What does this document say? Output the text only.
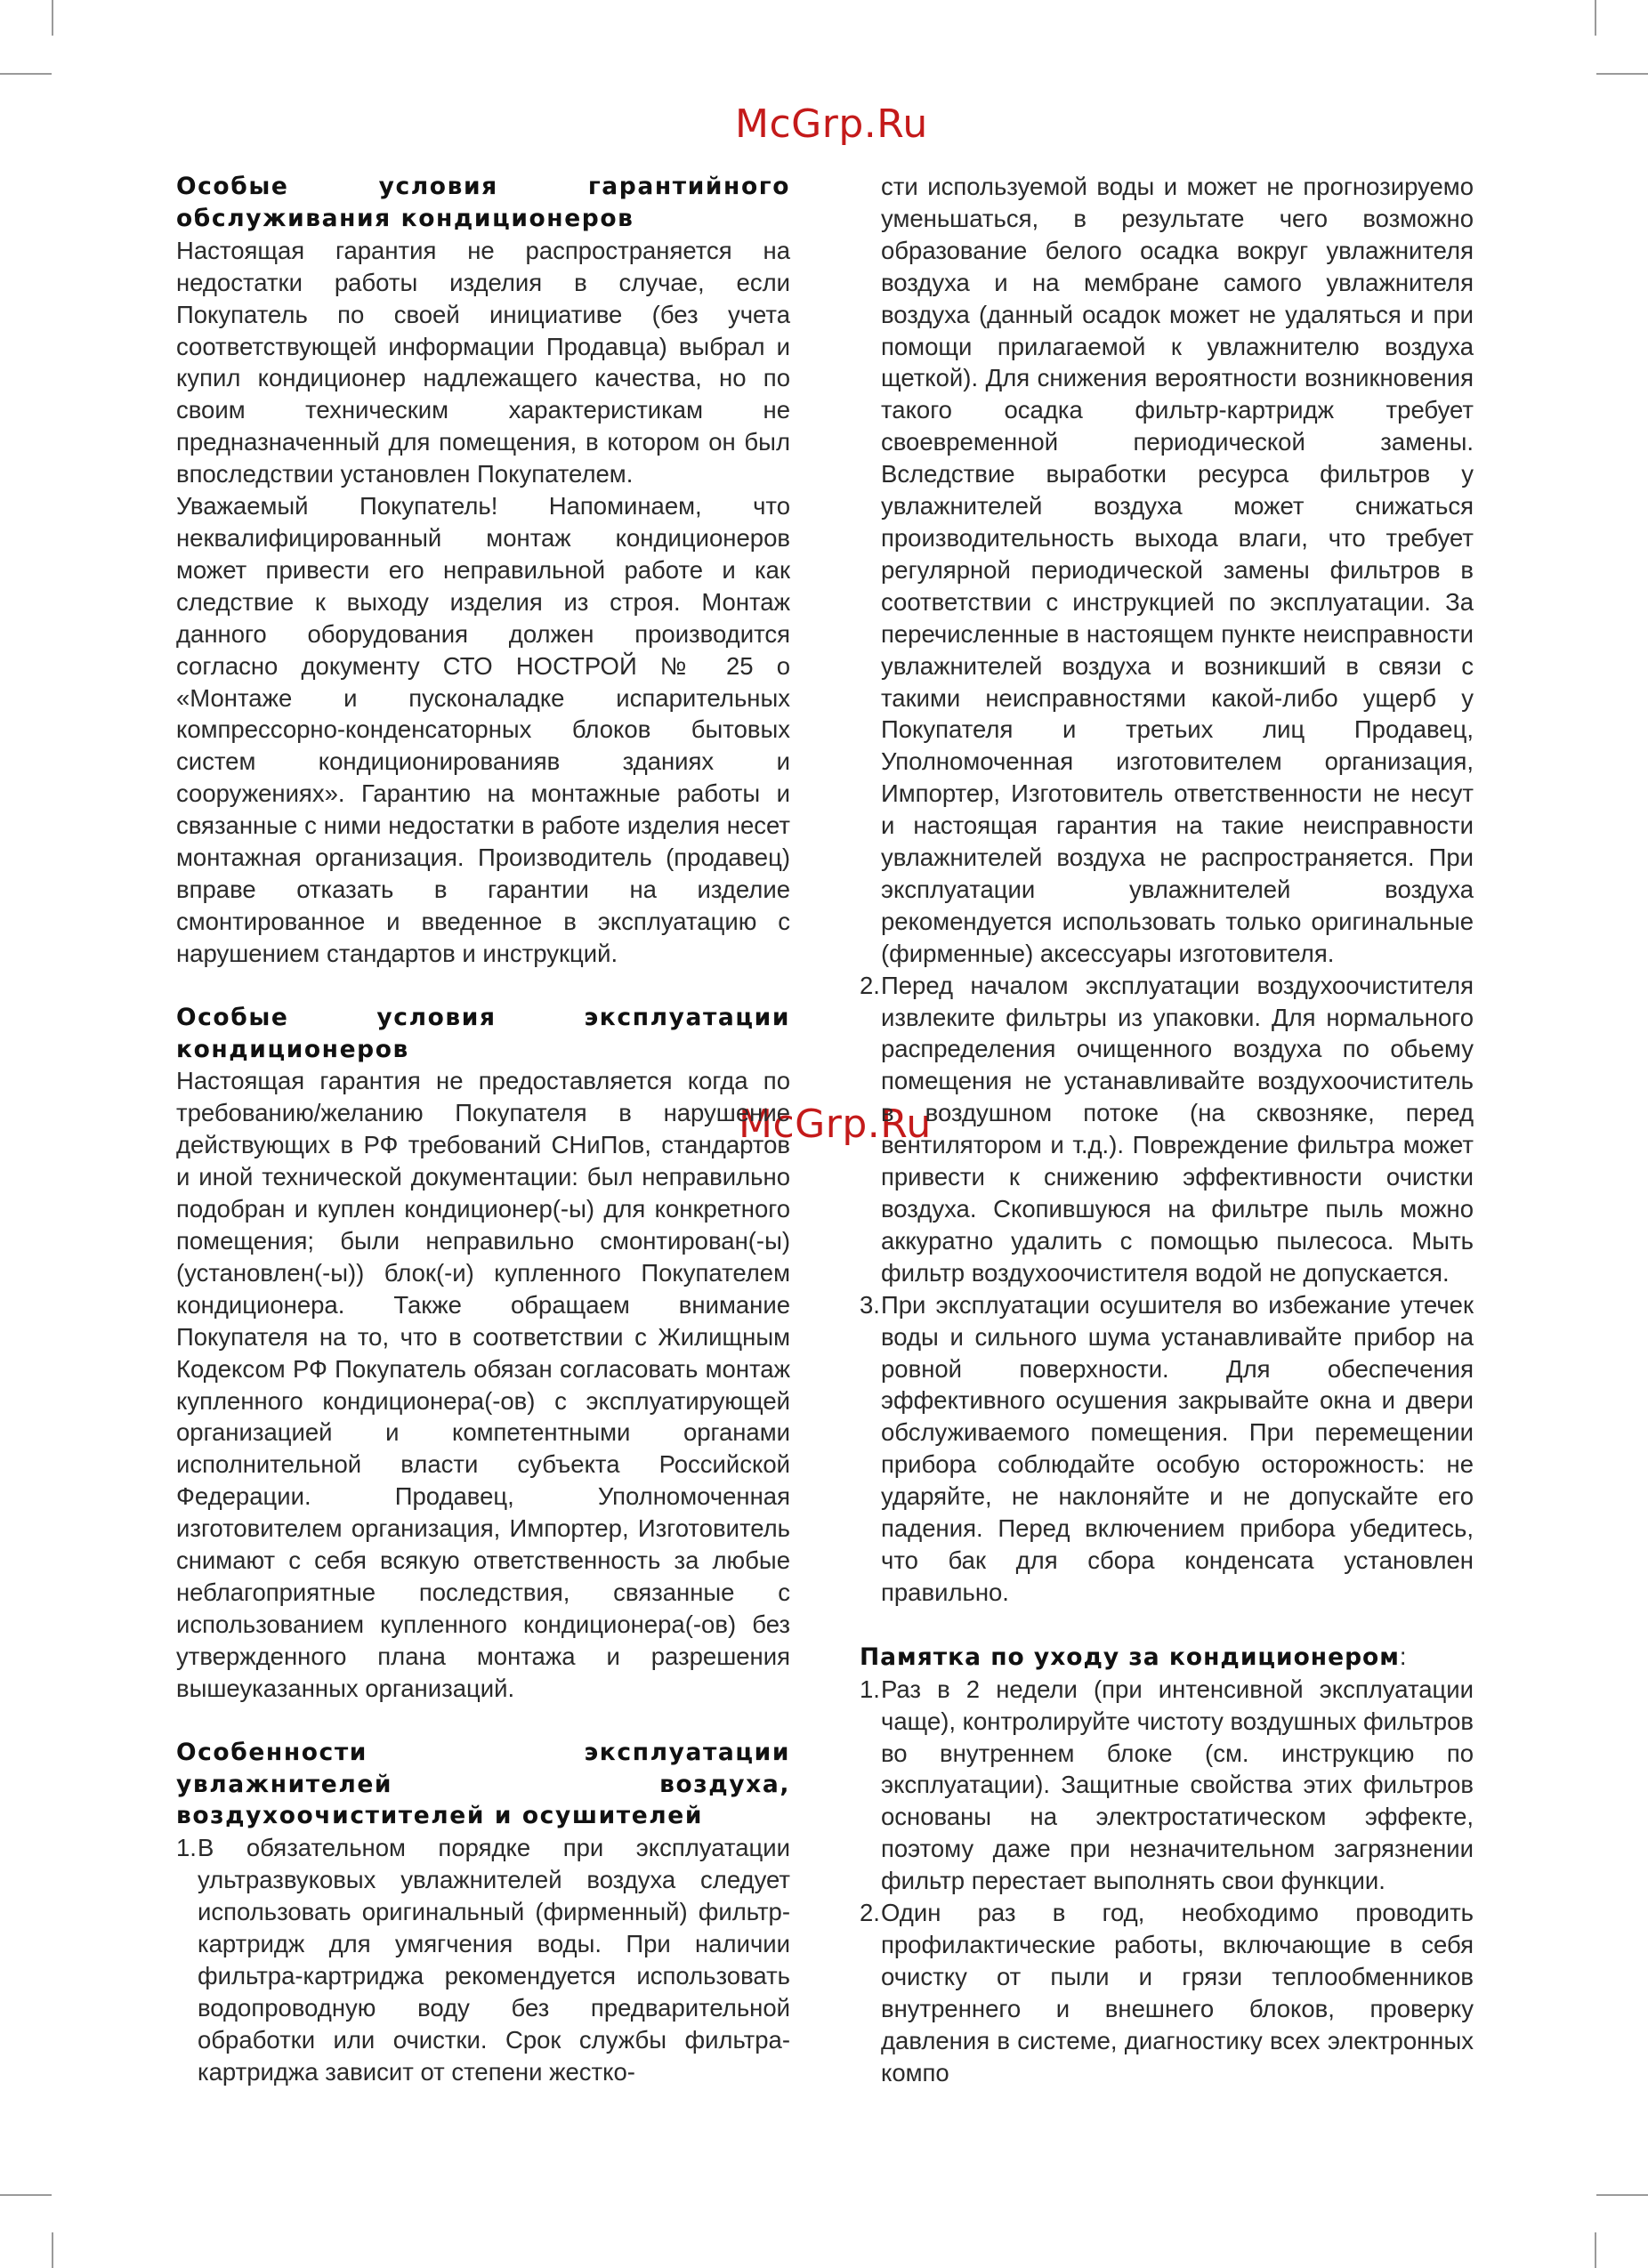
McGrp.Ru
McGrp.Ru
Особые условия гарантийного обслуживания кондиционеров

Настоящая гарантия не распространяется на недостатки работы изделия в случае, если Покупатель по своей инициативе (без учета соответствующей информации Продавца) выбрал и купил кондиционер надлежащего качества, но по своим техническим характеристикам не предназначенный для помещения, в котором он был впоследствии установлен Покупателем.

Уважаемый Покупатель! Напоминаем, что неквалифицированный монтаж кондиционеров может привести его неправильной работе и как следствие к выходу изделия из строя. Монтаж данного оборудования должен производится согласно документу СТО НОСТРОЙ № 25 о «Монтаже и пусконаладке испарительных компрессорно-конденсаторных блоков бытовых систем кондиционированияв зданиях и сооружениях». Гарантию на монтажные работы и связанные с ними недостатки в работе изделия несет монтажная организация. Производитель (продавец) вправе отказать в гарантии на изделие смонтированное и введенное в эксплуатацию с нарушением стандартов и инструкций.

Особые условия эксплуатации кондиционеров

Настоящая гарантия не предоставляется когда по требованию/желанию Покупателя в нарушение действующих в РФ требований СНиПов, стандартов и иной технической документации: был неправильно подобран и куплен кондиционер(-ы) для конкретного помещения; были неправильно смонтирован(-ы) (установлен(-ы)) блок(-и) купленного Покупателем кондиционера. Также обращаем внимание Покупателя на то, что в соответствии с Жилищным Кодексом РФ Покупатель обязан согласовать монтаж купленного кондиционера(-ов) с эксплуатирующей организацией и компетентными органами исполнительной власти субъекта Российской Федерации. Продавец, Уполномоченная изготовителем организация, Импортер, Изготовитель снимают с себя всякую ответственность за любые неблагоприятные последствия, связанные с использованием купленного кондиционера(-ов) без утвержденного плана монтажа и разрешения вышеуказанных организаций.

Особенности эксплуатации увлажнителей воздуха, воздухоочистителей и осушителей
1. В обязательном порядке при эксплуатации ультразвуковых увлажнителей воздуха следует использовать оригинальный (фирменный) фильтр-картридж для умягчения воды. При наличии фильтра-картриджа рекомендуется использовать водопроводную воду без предварительной обработки или очистки. Срок службы фильтра-картриджа зависит от степени жестко-

сти используемой воды и может не прогнозируемо уменьшаться, в результате чего возможно образование белого осадка вокруг увлажнителя воздуха и на мембране самого увлажнителя воздуха (данный осадок может не удаляться и при помощи прилагаемой к увлажнителю воздуха щеткой). Для снижения вероятности возникновения такого осадка фильтр-картридж требует своевременной периодической замены. Вследствие выработки ресурса фильтров у увлажнителей воздуха может снижаться производительность выхода влаги, что требует регулярной периодической замены фильтров в соответствии с инструкцией по эксплуатации. За перечисленные в настоящем пункте неисправности увлажнителей воздуха и возникший в связи с такими неисправностями какой-либо ущерб у Покупателя и третьих лиц Продавец, Уполномоченная изготовителем организация, Импортер, Изготовитель ответственности не несут и настоящая гарантия на такие неисправности увлажнителей воздуха не распространяется. При эксплуатации увлажнителей воздуха рекомендуется использовать только оригинальные (фирменные) аксессуары изготовителя.

2. Перед началом эксплуатации воздухоочистителя извлеките фильтры из упаковки. Для нормального распределения очищенного воздуха по обьему помещения не устанавливайте воздухоочиститель в воздушном потоке (на сквозняке, перед вентилятором и т.д.). Повреждение фильтра может привести к снижению эффективности очистки воздуха. Скопившуюся на фильтре пыль можно аккуратно удалить с помощью пылесоса. Мыть фильтр воздухоочистителя водой не допускается.
3. При эксплуатации осушителя во избежание утечек воды и сильного шума устанавливайте прибор на ровной поверхности. Для обеспечения эффективного осушения закрывайте окна и двери обслуживаемого помещения. При перемещении прибора соблюдайте особую осторожность: не ударяйте, не наклоняйте и не допускайте его падения. Перед включением прибора убедитесь, что бак для сбора конденсата установлен правильно.

Памятка по уходу за кондиционером:

1. Раз в 2 недели (при интенсивной эксплуатации чаще), контролируйте чистоту воздушных фильтров во внутреннем блоке (см. инструкцию по эксплуатации). Защитные свойства этих фильтров основаны на электростатическом эффекте, поэтому даже при незначительном загрязнении фильтр перестает выполнять свои функции.
2. Один раз в год, необходимо проводить профилактические работы, включающие в себя очистку от пыли и грязи теплообменников внутреннего и внешнего блоков, проверку давления в системе, диагностику всех электронных компо
